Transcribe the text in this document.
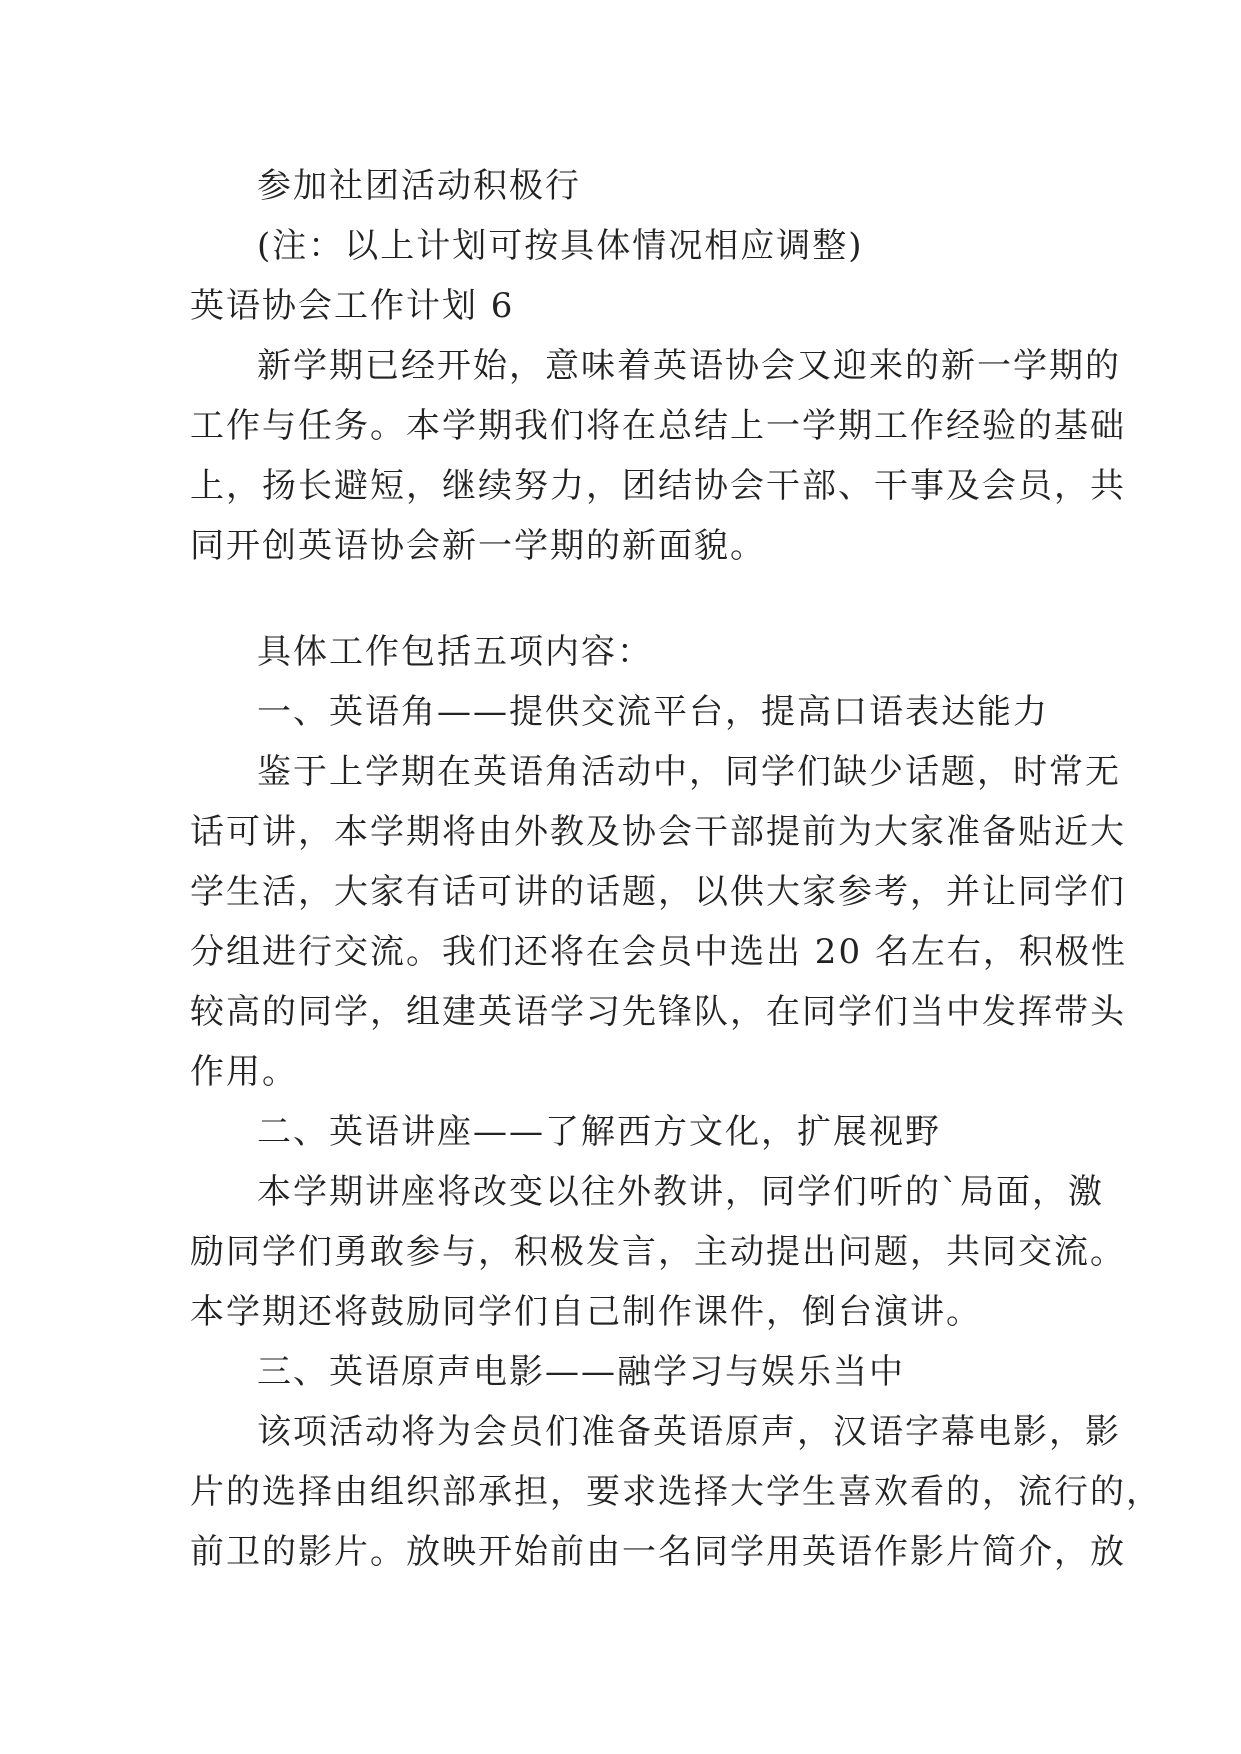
参加社团活动积极行
(注：以上计划可按具体情况相应调整)
英语协会工作计划 6
新学期已经开始，意味着英语协会又迎来的新一学期的
工作与任务。本学期我们将在总结上一学期工作经验的基础
上，扬长避短，继续努力，团结协会干部、干事及会员，共
同开创英语协会新一学期的新面貌。
具体工作包括五项内容：
一、英语角——提供交流平台，提高口语表达能力
鉴于上学期在英语角活动中，同学们缺少话题，时常无
话可讲，本学期将由外教及协会干部提前为大家准备贴近大
学生活，大家有话可讲的话题，以供大家参考，并让同学们
分组进行交流。我们还将在会员中选出 20 名左右，积极性
较高的同学，组建英语学习先锋队，在同学们当中发挥带头
作用。
二、英语讲座——了解西方文化，扩展视野
本学期讲座将改变以往外教讲，同学们听的`局面，激
励同学们勇敢参与，积极发言，主动提出问题，共同交流。
本学期还将鼓励同学们自己制作课件，倒台演讲。
三、英语原声电影——融学习与娱乐当中
该项活动将为会员们准备英语原声，汉语字幕电影，影
片的选择由组织部承担，要求选择大学生喜欢看的，流行的，
前卫的影片。放映开始前由一名同学用英语作影片简介，放
